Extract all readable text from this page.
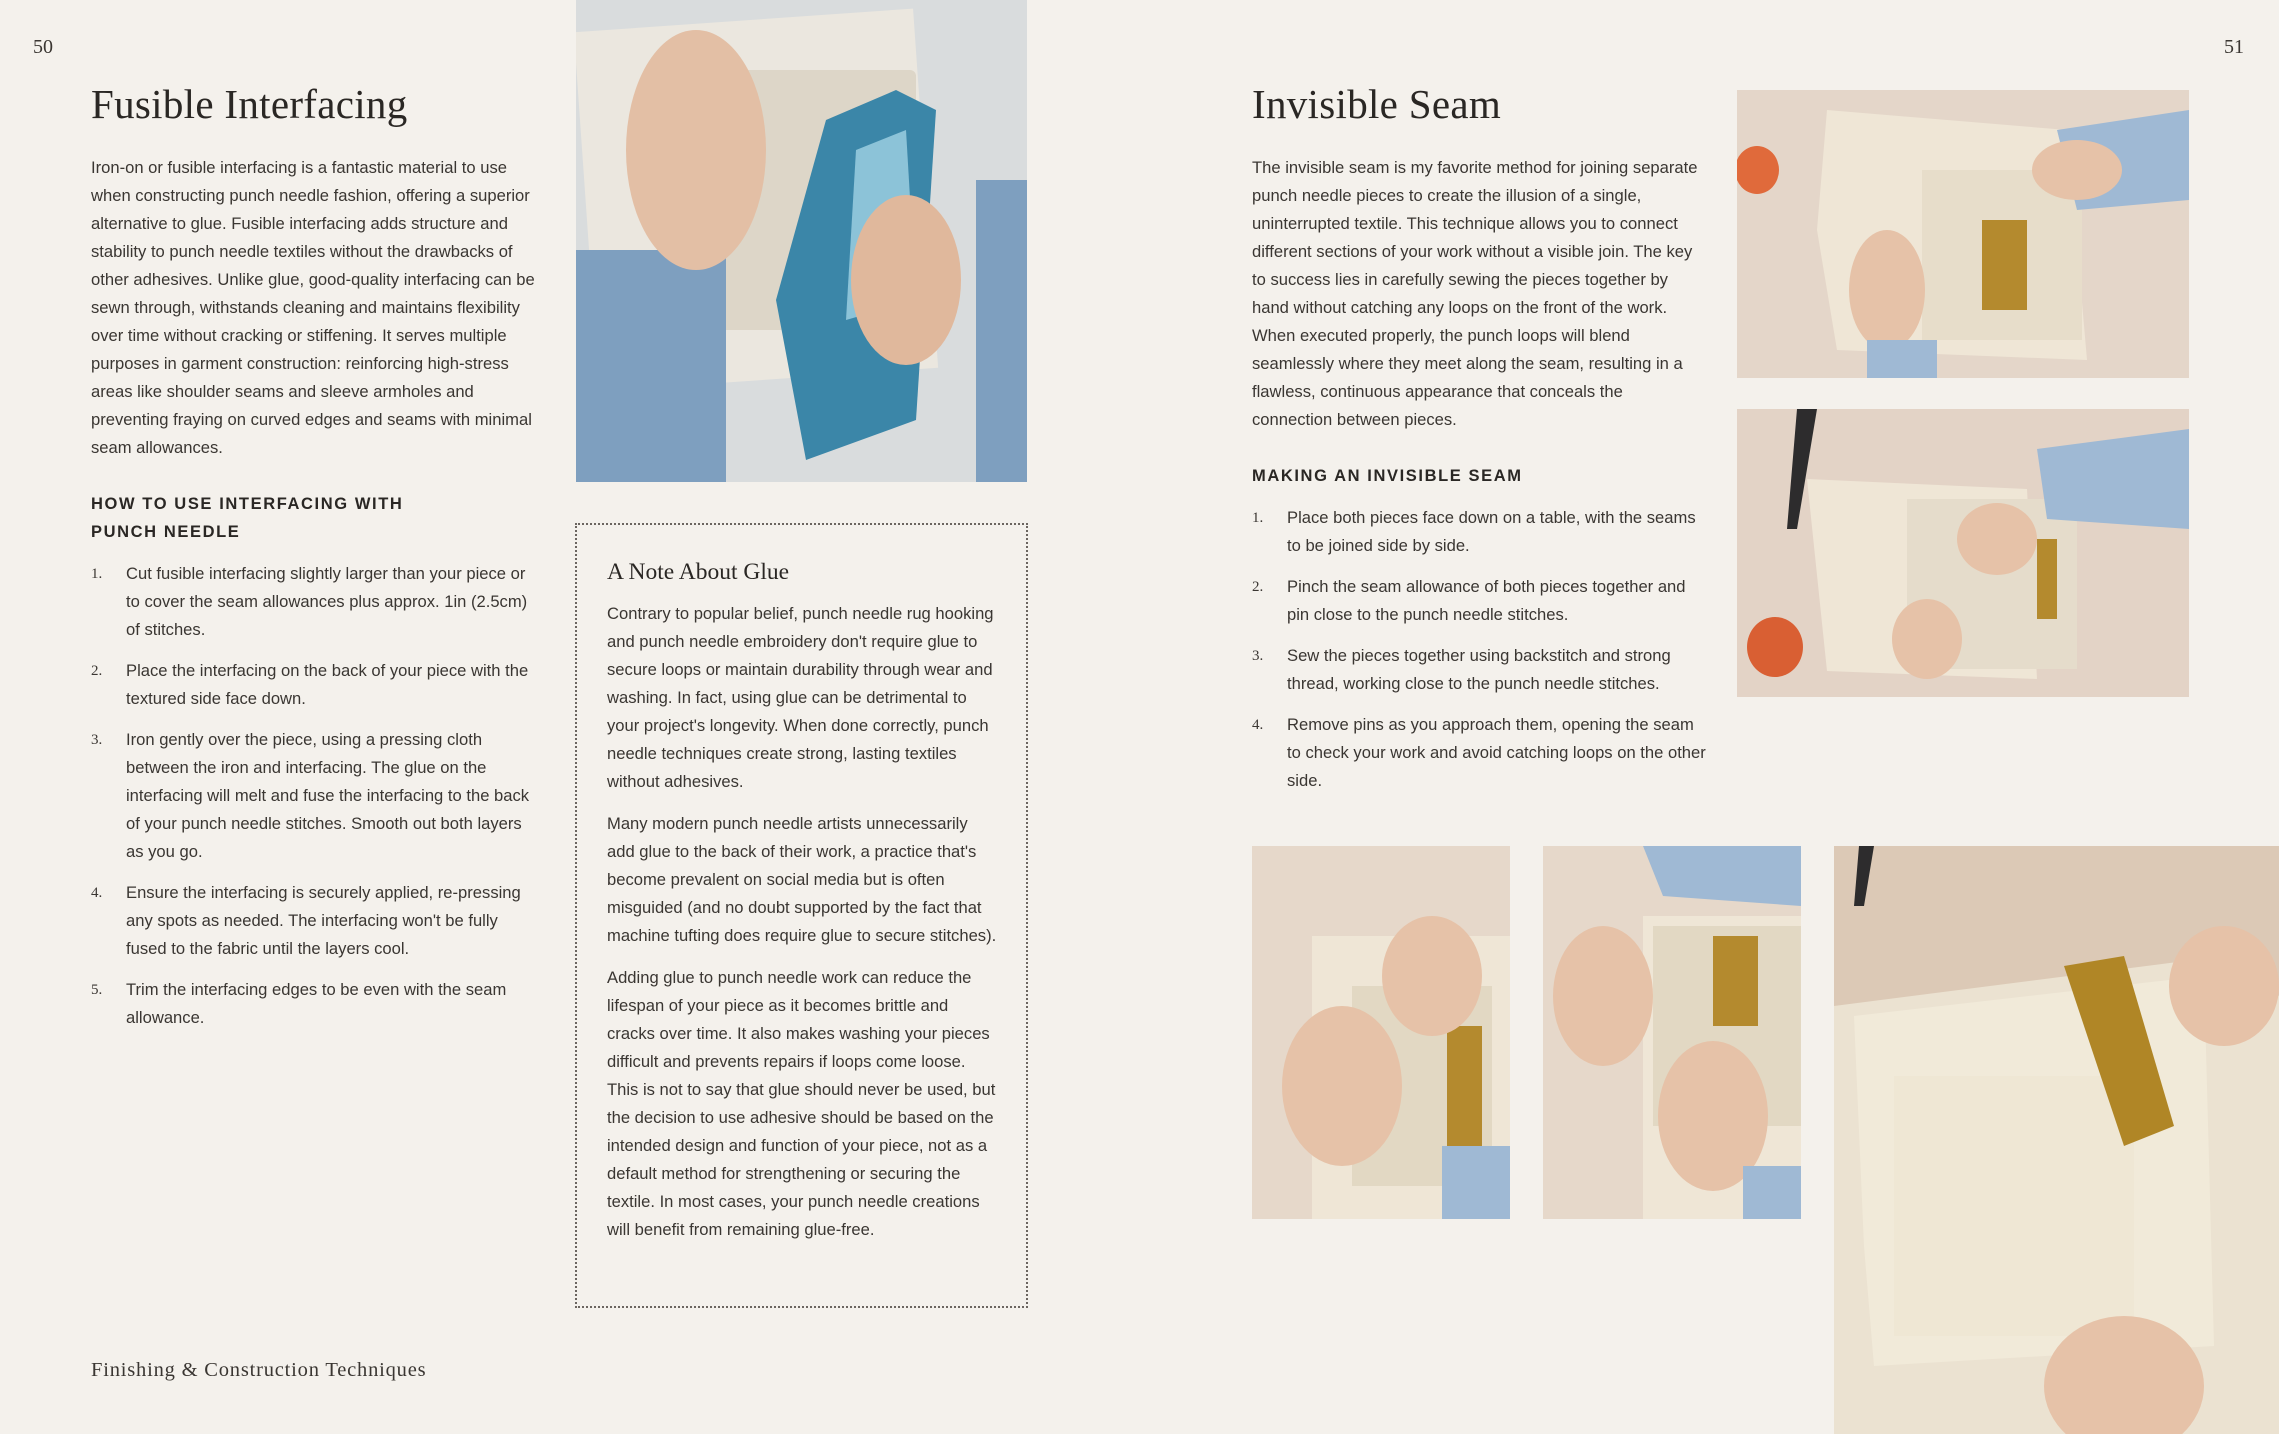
50
Fusible Interfacing

Iron-on or fusible interfacing is a fantastic material to use when constructing punch needle fashion, offering a superior alternative to glue. Fusible interfacing adds structure and stability to punch needle textiles without the drawbacks of other adhesives. Unlike glue, good-quality interfacing can be sewn through, withstands cleaning and maintains flexibility over time without cracking or stiffening. It serves multiple purposes in garment construction: reinforcing high-stress areas like shoulder seams and sleeve armholes and preventing fraying on curved edges and seams with minimal seam allowances.

HOW TO USE INTERFACING WITH PUNCH NEEDLE
1. Cut fusible interfacing slightly larger than your piece or to cover the seam allowances plus approx. 1in (2.5cm) of stitches.
2. Place the interfacing on the back of your piece with the textured side face down.
3. Iron gently over the piece, using a pressing cloth between the iron and interfacing. The glue on the interfacing will melt and fuse the interfacing to the back of your punch needle stitches. Smooth out both layers as you go.
4. Ensure the interfacing is securely applied, re-pressing any spots as needed. The interfacing won't be fully fused to the fabric until the layers cool.
5. Trim the interfacing edges to be even with the seam allowance.
A Note About Glue

Contrary to popular belief, punch needle rug hooking and punch needle embroidery don't require glue to secure loops or maintain durability through wear and washing. In fact, using glue can be detrimental to your project's longevity. When done correctly, punch needle techniques create strong, lasting textiles without adhesives.

Many modern punch needle artists unnecessarily add glue to the back of their work, a practice that's become prevalent on social media but is often misguided (and no doubt supported by the fact that machine tufting does require glue to secure stitches).

Adding glue to punch needle work can reduce the lifespan of your piece as it becomes brittle and cracks over time. It also makes washing your pieces difficult and prevents repairs if loops come loose. This is not to say that glue should never be used, but the decision to use adhesive should be based on the intended design and function of your piece, not as a default method for strengthening or securing the textile. In most cases, your punch needle creations will benefit from remaining glue-free.

Finishing & Construction Techniques
51
Invisible Seam

The invisible seam is my favorite method for joining separate punch needle pieces to create the illusion of a single, uninterrupted textile. This technique allows you to connect different sections of your work without a visible join. The key to success lies in carefully sewing the pieces together by hand without catching any loops on the front of the work. When executed properly, the punch loops will blend seamlessly where they meet along the seam, resulting in a flawless, continuous appearance that conceals the connection between pieces.

MAKING AN INVISIBLE SEAM
1. Place both pieces face down on a table, with the seams to be joined side by side.
2. Pinch the seam allowance of both pieces together and pin close to the punch needle stitches.
3. Sew the pieces together using backstitch and strong thread, working close to the punch needle stitches.
4. Remove pins as you approach them, opening the seam to check your work and avoid catching loops on the other side.
